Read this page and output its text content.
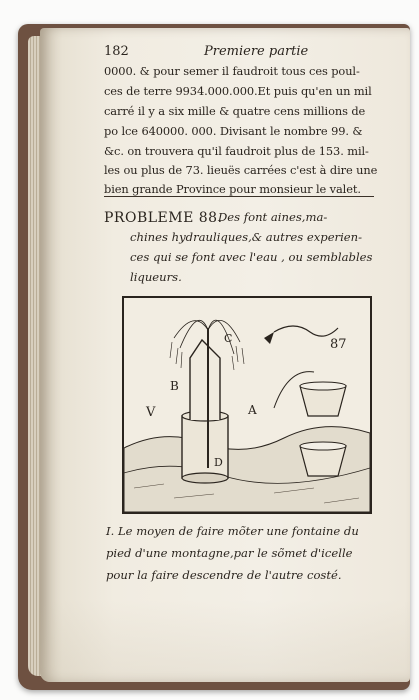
182	Premiere partie
0000. & pour semer il faudroit tous ces poul-
ces de terre 9934.000.000.Et puis qu'en un mil
carré il y a six mille & quatre cens millions de
po lce 640000. 000. Divisant le nombre 99. &
&c. on trouvera qu'il faudroit plus de 153. mil-
les ou plus de 73. lieuës carrées c'est à dire une
bien grande Province pour monsieur le valet.
PROBLEME 88.
Des font aines,ma-
chines hydrauliques,& autres experien-
ces qui se font avec l'eau , ou semblables
liqueurs.
87
V
B
A
C
D
I. Le moyen de faire mõter une fontaine du
pied d'une montagne,par le sõmet d'icelle
pour la faire descendre de l'autre costé.
